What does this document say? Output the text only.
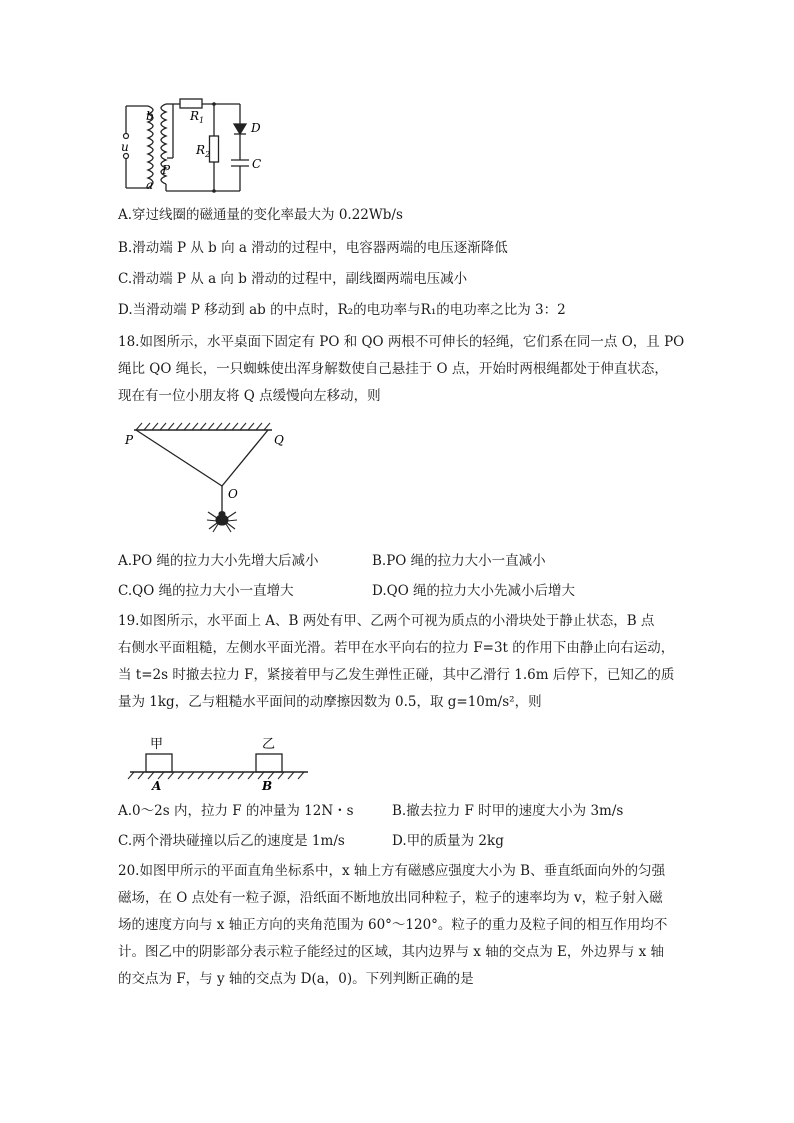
b
u
P
a
$R_1$
$R_2$
D
C
A.穿过线圈的磁通量的变化率最大为 0.22Wb/s
B.滑动端 P 从 b 向 a 滑动的过程中，电容器两端的电压逐渐降低
C.滑动端 P 从 a 向 b 滑动的过程中，副线圈两端电压减小
D.当滑动端 P 移动到 ab 的中点时，R₂的电功率与R₁的电功率之比为 3：2
18.如图所示，水平桌面下固定有 PO 和 QO 两根不可伸长的轻绳，它们系在同一点 O，且 PO
绳比 QO 绳长，一只蜘蛛使出浑身解数使自己悬挂于 O 点，开始时两根绳都处于伸直状态，
现在有一位小朋友将 Q 点缓慢向左移动，则
P	Q
O
A.PO 绳的拉力大小先增大后减小	B.PO 绳的拉力大小一直减小
C.QO 绳的拉力大小一直增大	D.QO 绳的拉力大小先减小后增大
19.如图所示，水平面上 A、B 两处有甲、乙两个可视为质点的小滑块处于静止状态，B 点
右侧水平面粗糙，左侧水平面光滑。若甲在水平向右的拉力 F=3t 的作用下由静止向右运动，
当 t=2s 时撤去拉力 F，紧接着甲与乙发生弹性正碰，其中乙滑行 1.6m 后停下，已知乙的质
量为 1kg，乙与粗糙水平面间的动摩擦因数为 0.5，取 g=10m/s²，则
甲	乙
A	B
A.0～2s 内，拉力 F 的冲量为 12N・s	B.撤去拉力 F 时甲的速度大小为 3m/s
C.两个滑块碰撞以后乙的速度是 1m/s	D.甲的质量为 2kg
20.如图甲所示的平面直角坐标系中，x 轴上方有磁感应强度大小为 B、垂直纸面向外的匀强
磁场，在 O 点处有一粒子源，沿纸面不断地放出同种粒子，粒子的速率均为 v，粒子射入磁
场的速度方向与 x 轴正方向的夹角范围为 60°～120°。粒子的重力及粒子间的相互作用均不
计。图乙中的阴影部分表示粒子能经过的区域，其内边界与 x 轴的交点为 E，外边界与 x 轴
的交点为 F，与 y 轴的交点为 D(a，0)。下列判断正确的是
